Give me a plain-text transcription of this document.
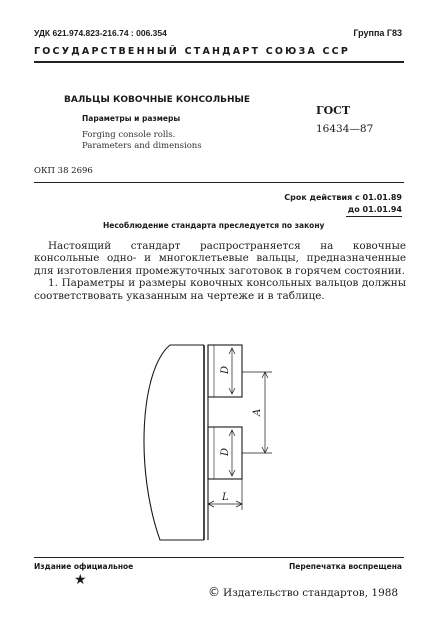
УДК 621.974.823-216.74 : 006.354	Группа Г83
ГОСУДАРСТВЕННЫЙ СТАНДАРТ СОЮЗА ССР
ВАЛЬЦЫ КОВОЧНЫЕ КОНСОЛЬНЫЕ
Параметры и размеры
Forging console rolls.
Parameters and dimensions
ГОСТ
16434—87
ОКП 38 2696
Срок действия с 01.01.89
до 01.01.94
Несоблюдение стандарта преследуется по закону

Настоящий стандарт распространяется на ковочные консольные одно- и многоклетьевые вальцы, предназначенные для изготовления промежуточных заготовок в горячем состоянии.

1. Параметры и размеры ковочных консольных вальцов должны соответствовать указанным на чертеже и в таблице.

D
D
A
L
Издание официальное	Перепечатка воспрещена
★
© Издательство стандартов, 1988
